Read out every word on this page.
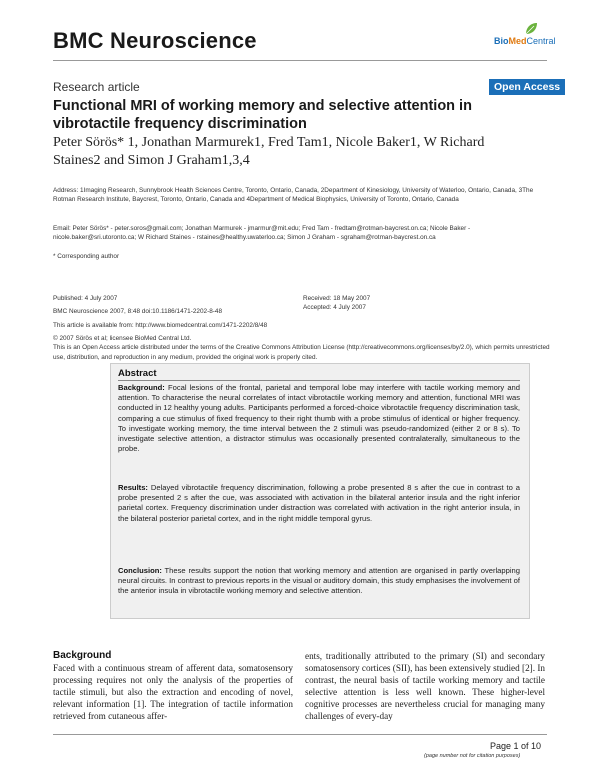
BMC Neuroscience	BioMedCentral
Research article	Open Access
Functional MRI of working memory and selective attention in vibrotactile frequency discrimination
Peter Sörös* 1, Jonathan Marmurek1, Fred Tam1, Nicole Baker1, W Richard Staines2 and Simon J Graham1,3,4
Address: 1Imaging Research, Sunnybrook Health Sciences Centre, Toronto, Ontario, Canada, 2Department of Kinesiology, University of Waterloo, Ontario, Canada, 3The Rotman Research Institute, Baycrest, Toronto, Ontario, Canada and 4Department of Medical Biophysics, University of Toronto, Ontario, Canada
Email: Peter Sörös* - peter.soros@gmail.com; Jonathan Marmurek - jmarmur@mit.edu; Fred Tam - fredtam@rotman-baycrest.on.ca; Nicole Baker - nicole.baker@sri.utoronto.ca; W Richard Staines - rstaines@healthy.uwaterloo.ca; Simon J Graham - sgraham@rotman-baycrest.on.ca
* Corresponding author
Published: 4 July 2007
BMC Neuroscience 2007, 8:48 doi:10.1186/1471-2202-8-48
This article is available from: http://www.biomedcentral.com/1471-2202/8/48
Received: 18 May 2007
Accepted: 4 July 2007
© 2007 Sörös et al; licensee BioMed Central Ltd.
This is an Open Access article distributed under the terms of the Creative Commons Attribution License (http://creativecommons.org/licenses/by/2.0), which permits unrestricted use, distribution, and reproduction in any medium, provided the original work is properly cited.
Abstract
Background: Focal lesions of the frontal, parietal and temporal lobe may interfere with tactile working memory and attention. To characterise the neural correlates of intact vibrotactile working memory and attention, functional MRI was conducted in 12 healthy young adults. Participants performed a forced-choice vibrotactile frequency discrimination task, comparing a cue stimulus of fixed frequency to their right thumb with a probe stimulus of identical or higher frequency. To investigate working memory, the time interval between the 2 stimuli was pseudo-randomized (either 2 or 8 s). To investigate selective attention, a distractor stimulus was occasionally presented contralaterally, simultaneous to the probe.
Results: Delayed vibrotactile frequency discrimination, following a probe presented 8 s after the cue in contrast to a probe presented 2 s after the cue, was associated with activation in the bilateral anterior insula and the right inferior parietal cortex. Frequency discrimination under distraction was correlated with activation in the right anterior insula, in the bilateral posterior parietal cortex, and in the right middle temporal gyrus.
Conclusion: These results support the notion that working memory and attention are organised in partly overlapping neural circuits. In contrast to previous reports in the visual or auditory domain, this study emphasises the involvement of the anterior insula in vibrotactile working memory and selective attention.
Background
Faced with a continuous stream of afferent data, somatosensory processing requires not only the analysis of the properties of tactile stimuli, but also the extraction and encoding of novel, relevant information [1]. The integration of tactile information retrieved from cutaneous affer-
ents, traditionally attributed to the primary (SI) and secondary somatosensory cortices (SII), has been extensively studied [2]. In contrast, the neural basis of tactile working memory and tactile selective attention is less well known. These higher-level cognitive processes are nevertheless crucial for managing many challenges of every-day
Page 1 of 10
(page number not for citation purposes)
